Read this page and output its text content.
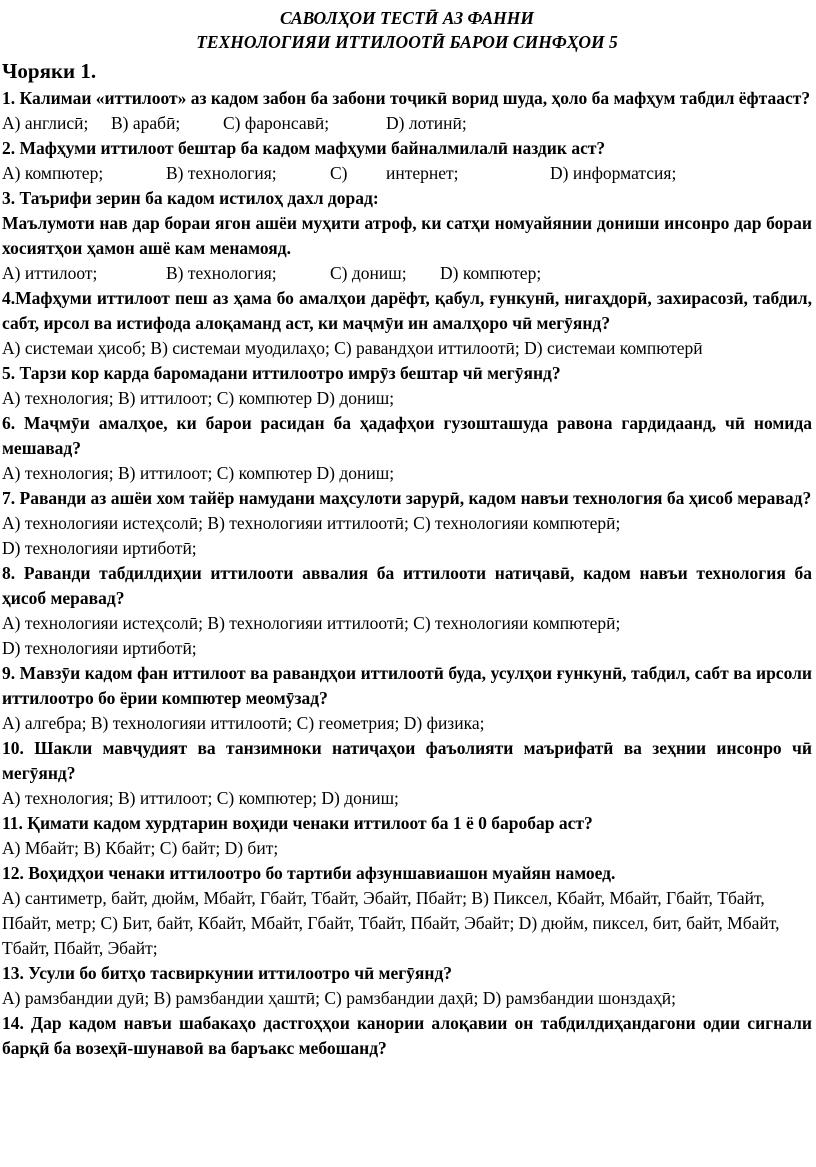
САВОЛҲОИ ТЕСТӢ АЗ ФАННИ
ТЕХНОЛОГИЯИ ИТТИЛООТӢ БАРОИ СИНФҲОИ 5
Чоряки 1.
1. Калимаи «иттилоот» аз кадом забон ба забони тоҷикӣ ворид шуда, ҳоло ба мафҳум табдил ёфтааст?
A) англисӣ;	B) арабӣ;	C) фаронсавӣ;	D) лотинӣ;
2. Мафҳуми иттилоот бештар ба кадом мафҳуми байналмилалӣ наздик аст?
A) компютер;	B) технология;	C)	интернет;	D) информатсия;
3. Таърифи зерин ба кадом истилоҳ дахл дорад:
Маълумоти нав дар бораи ягон ашёи муҳити атроф, ки сатҳи номуайянии дониши инсонро дар бораи хосиятҳои ҳамон ашё кам менамояд.
A) иттилоот;	B) технология;	C) дониш;	D) компютер;
4.Мафҳуми иттилоот пеш аз ҳама бо амалҳои дарёфт, қабул, ғункунӣ, нигаҳдорӣ, захирасозӣ, табдил, сабт, ирсол ва истифода алоқаманд аст, ки маҷмӯи ин амалҳоро чӣ мегӯянд?
A) системаи ҳисоб; B) системаи муодилаҳо; C) равандҳои иттилоотӣ; D) системаи компютерӣ
5. Тарзи кор карда баромадани иттилоотро имрӯз бештар чӣ мегӯянд?
A) технология; B) иттилоот; C) компютер D) дониш;
6. Маҷмӯи амалҳое, ки барои расидан ба ҳадафҳои гузошташуда равона гардидаанд, чӣ номида мешавад?
A) технология; B) иттилоот; C) компютер D) дониш;
7. Раванди аз ашёи хом тайёр намудани маҳсулоти зарурӣ, кадом навъи технология ба ҳисоб меравад?
A) технологияи истеҳсолӣ; B) технологияи иттилоотӣ; C) технологияи компютерӣ;
D) технологияи иртиботӣ;
8. Раванди табдилдиҳии иттилооти аввалия ба иттилооти натиҷавӣ, кадом навъи технология ба ҳисоб меравад?
A) технологияи истеҳсолӣ; B) технологияи иттилоотӣ; C) технологияи компютерӣ;
D) технологияи иртиботӣ;
9. Мавзӯи кадом фан иттилоот ва равандҳои иттилоотӣ буда, усулҳои ғункунӣ, табдил, сабт ва ирсоли иттилоотро бо ёрии компютер меомӯзад?
A) алгебра; B) технологияи иттилоотӣ; C) геометрия; D) физика;
10. Шакли мавҷудият ва танзимноки натиҷаҳои фаъолияти маърифатӣ ва зеҳнии инсонро чӣ мегӯянд?
A) технология; B) иттилоот; C) компютер; D) дониш;
11. Қимати кадом хурдтарин воҳиди ченаки иттилоот ба 1 ё 0 баробар аст?
A) Мбайт; B) Кбайт; C) байт; D) бит;
12. Воҳидҳои ченаки иттилоотро бо тартиби афзуншавиашон муайян намоед.
A) сантиметр, байт, дюйм, Мбайт, Гбайт, Тбайт, Эбайт, Пбайт; B) Пиксел, Кбайт, Мбайт, Гбайт, Тбайт, Пбайт, метр; C) Бит, байт, Кбайт, Мбайт, Гбайт, Тбайт, Пбайт, Эбайт; D) дюйм, пиксел, бит, байт, Мбайт, Тбайт, Пбайт, Эбайт;
13. Усули бо битҳо тасвиркунии иттилоотро чӣ мегӯянд?
A) рамзбандии дуӣ; B) рамзбандии ҳаштӣ; C) рамзбандии даҳӣ; D) рамзбандии шонздаҳӣ;
14. Дар кадом навъи шабакаҳо дастгоҳҳои канории алоқавии он табдилдиҳандагони одии сигнали барқӣ ба возеҳӣ-шунавоӣ ва баръакс мебошанд?
